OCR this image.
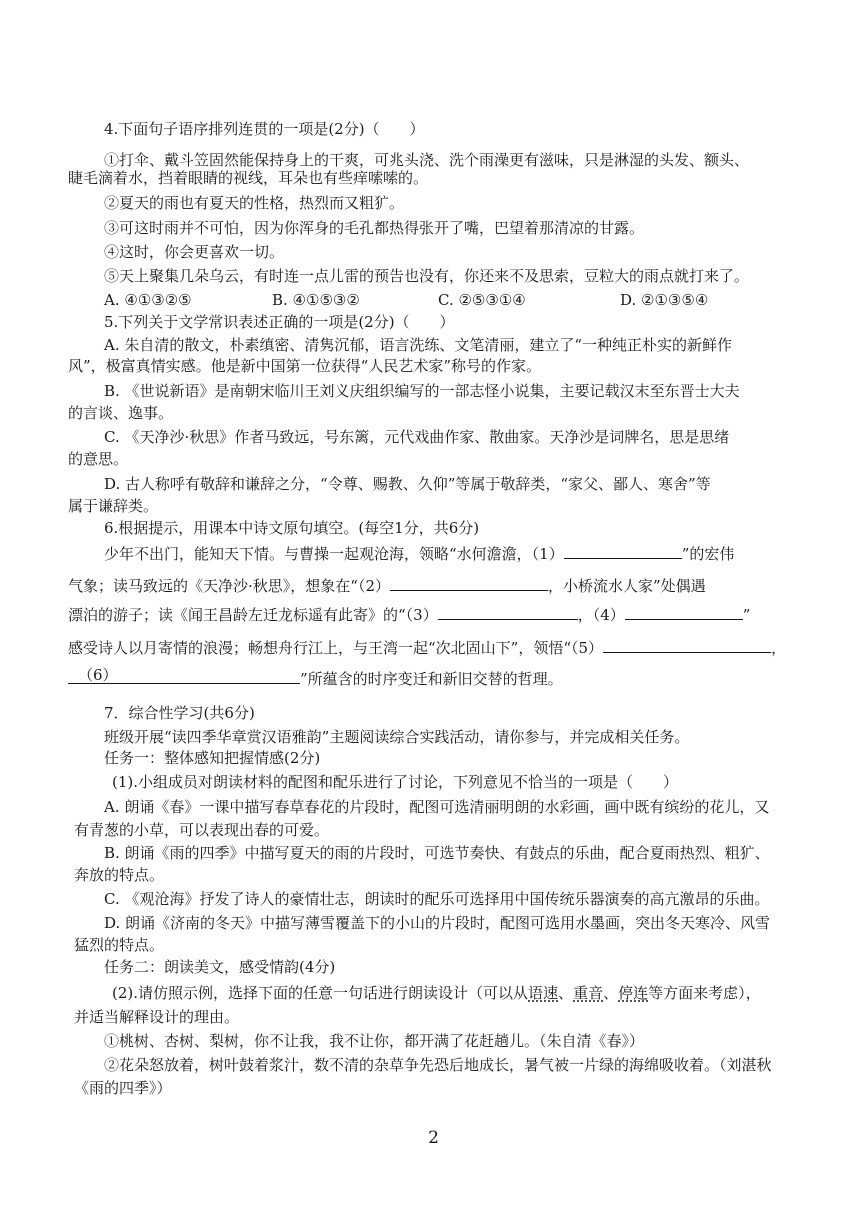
4.下面句子语序排列连贯的一项是(2分)（　　）
①打伞、戴斗笠固然能保持身上的干爽，可兆头浇、洗个雨澡更有滋味，只是淋湿的头发、额头、
睫毛滴着水，挡着眼睛的视线，耳朵也有些痒嗦嗦的。
②夏天的雨也有夏天的性格，热烈而又粗犷。
③可这时雨并不可怕，因为你浑身的毛孔都热得张开了嘴，巴望着那清凉的甘露。
④这时，你会更喜欢一切。
⑤天上聚集几朵乌云，有时连一点儿雷的预告也没有，你还来不及思索，豆粒大的雨点就打来了。
A. ④①③②⑤	B. ④①⑤③②	C. ②⑤③①④	D. ②①③⑤④
5.下列关于文学常识表述正确的一项是(2分)（　　）
A. 朱自清的散文，朴素缜密、清隽沉郁，语言洗练、文笔清丽，建立了“一种纯正朴实的新鲜作
风”，极富真情实感。他是新中国第一位获得“人民艺术家”称号的作家。
B. 《世说新语》是南朝宋临川王刘义庆组织编写的一部志怪小说集，主要记载汉末至东晋士大夫
的言谈、逸事。
C. 《天净沙·秋思》作者马致远，号东篱，元代戏曲作家、散曲家。天净沙是词牌名，思是思绪
的意思。
D. 古人称呼有敬辞和谦辞之分，“令尊、赐教、久仰”等属于敬辞类，“家父、鄙人、寒舍”等
属于谦辞类。
6.根据提示，用课本中诗文原句填空。(每空1分，共6分)
少年不出门，能知天下情。与曹操一起观沧海，领略“水何澹澹，（1）	”的宏伟
气象；读马致远的《天净沙·秋思》，想象在“（2）	，小桥流水人家”处偶遇
漂泊的游子；读《闻王昌龄左迁龙标遥有此寄》的“（3）	，（4）	”
感受诗人以月寄情的浪漫；畅想舟行江上，与王湾一起“次北固山下”，领悟“（5）	，
（6）	”所蕴含的时序变迁和新旧交替的哲理。
7．综合性学习(共6分)
班级开展“读四季华章赏汉语雅韵”主题阅读综合实践活动，请你参与，并完成相关任务。
任务一：整体感知把握情感(2分)
(1).小组成员对朗读材料的配图和配乐进行了讨论，下列意见不恰当的一项是（　　）
A. 朗诵《春》一课中描写春草春花的片段时，配图可选清丽明朗的水彩画，画中既有缤纷的花儿，又
有青葱的小草，可以表现出春的可爱。
B. 朗诵《雨的四季》中描写夏天的雨的片段时，可选节奏快、有鼓点的乐曲，配合夏雨热烈、粗犷、
奔放的特点。
C. 《观沧海》抒发了诗人的豪情壮志，朗读时的配乐可选择用中国传统乐器演奏的高亢激昂的乐曲。
D. 朗诵《济南的冬天》中描写薄雪覆盖下的小山的片段时，配图可选用水墨画，突出冬天寒冷、风雪
猛烈的特点。
任务二：朗读美文，感受情韵(4分)
(2).请仿照示例，选择下面的任意一句话进行朗读设计（可以从语速、重音、停连等方面来考虑），
并适当解释设计的理由。
①桃树、杏树、梨树，你不让我，我不让你，都开满了花赶趟儿。（朱自清《春》）
②花朵怒放着，树叶鼓着浆汁，数不清的杂草争先恐后地成长，暑气被一片绿的海绵吸收着。（刘湛秋
《雨的四季》）
2
